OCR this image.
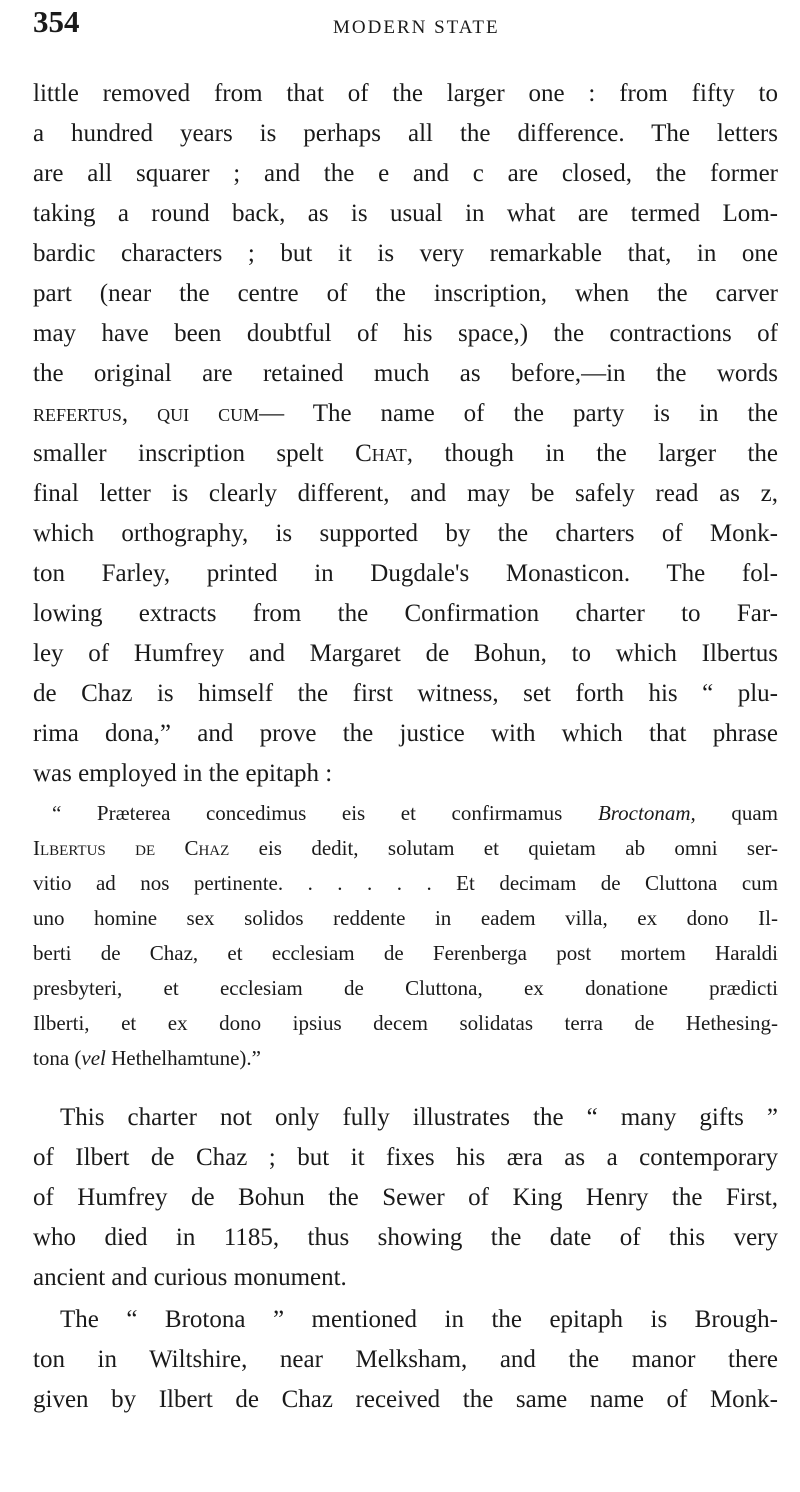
354	MODERN STATE
little removed from that of the larger one : from fifty to
a hundred years is perhaps all the difference. The letters
are all squarer ; and the e and c are closed, the former
taking a round back, as is usual in what are termed Lom-
bardic characters ; but it is very remarkable that, in one
part (near the centre of the inscription, when the carver
may have been doubtful of his space,) the contractions of
the original are retained much as before,—in the words
refertus, qui cum— The name of the party is in the
smaller inscription spelt Chat, though in the larger the
final letter is clearly different, and may be safely read as z,
which orthography, is supported by the charters of Monk-
ton Farley, printed in Dugdale's Monasticon. The fol-
lowing extracts from the Confirmation charter to Far-
ley of Humfrey and Margaret de Bohun, to which Ilbertus
de Chaz is himself the first witness, set forth his “ plu-
rima dona,” and prove the justice with which that phrase
was employed in the epitaph :
“ Præterea concedimus eis et confirmamus Broctonam, quam
Ilbertus de Chaz eis dedit, solutam et quietam ab omni ser-
vitio ad nos pertinente. . . . . . Et decimam de Cluttona cum
uno homine sex solidos reddente in eadem villa, ex dono Il-
berti de Chaz, et ecclesiam de Ferenberga post mortem Haraldi
presbyteri, et ecclesiam de Cluttona, ex donatione prædicti
Ilberti, et ex dono ipsius decem solidatas terra de Hethesing-
tona (vel Hethelhamtune).”
This charter not only fully illustrates the “ many gifts ”
of Ilbert de Chaz ; but it fixes his æra as a contemporary
of Humfrey de Bohun the Sewer of King Henry the First,
who died in 1185, thus showing the date of this very
ancient and curious monument.
The “ Brotona ” mentioned in the epitaph is Brough-
ton in Wiltshire, near Melksham, and the manor there
given by Ilbert de Chaz received the same name of Monk-
